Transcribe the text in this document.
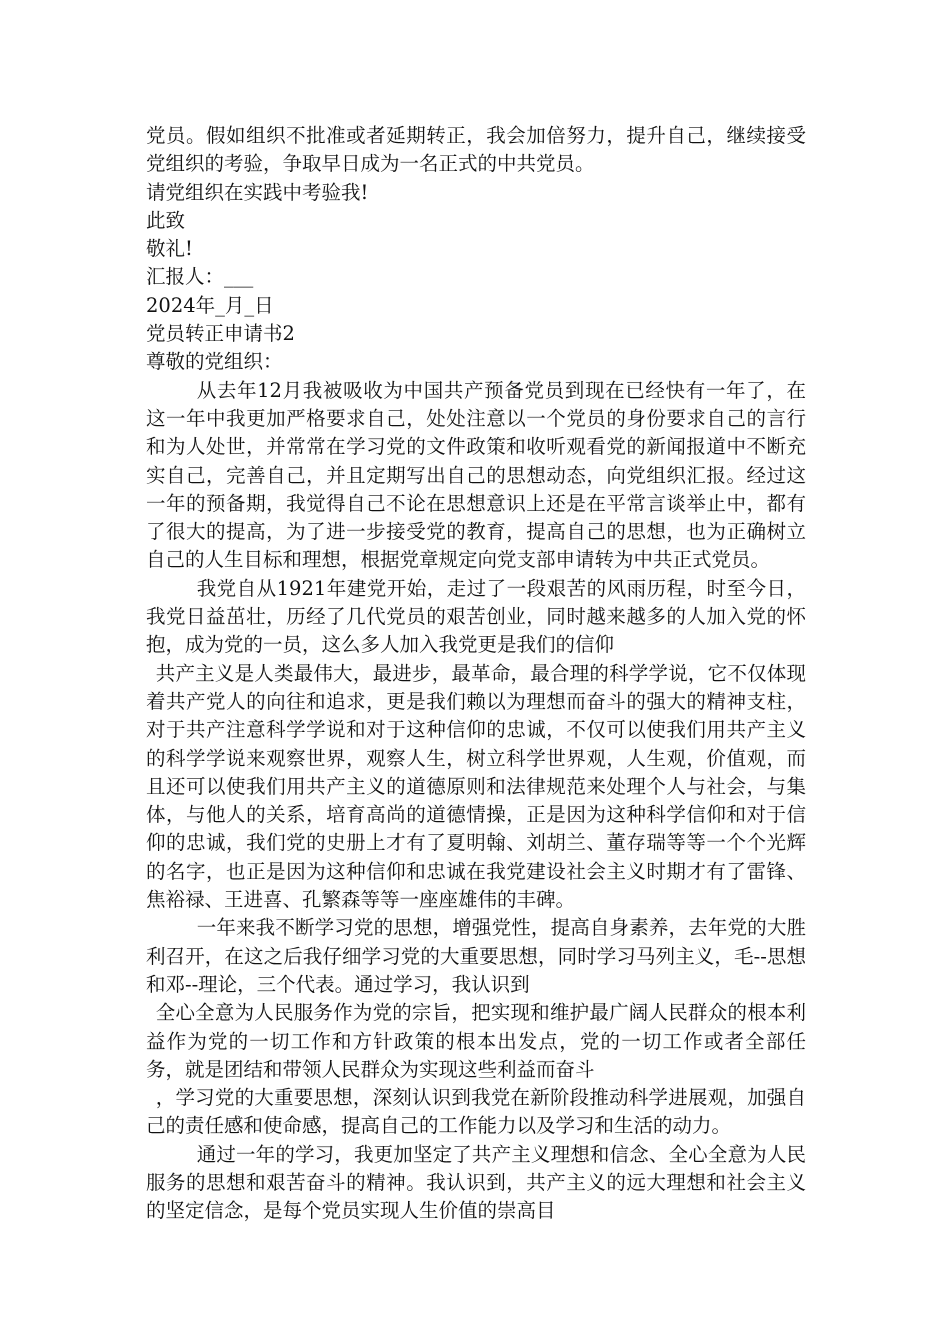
党员。假如组织不批准或者延期转正，我会加倍努力，提升自己，继续接受党组织的考验，争取早日成为一名正式的中共党员。

请党组织在实践中考验我!
此致
敬礼!
汇报人：___
2024年_月_日
党员转正申请书2
尊敬的党组织：

从去年12月我被吸收为中国共产预备党员到现在已经快有一年了，在这一年中我更加严格要求自己，处处注意以一个党员的身份要求自己的言行和为人处世，并常常在学习党的文件政策和收听观看党的新闻报道中不断充实自己，完善自己，并且定期写出自己的思想动态，向党组织汇报。经过这一年的预备期，我觉得自己不论在思想意识上还是在平常言谈举止中，都有了很大的提高，为了进一步接受党的教育，提高自己的思想，也为正确树立自己的人生目标和理想，根据党章规定向党支部申请转为中共正式党员。

我党自从1921年建党开始，走过了一段艰苦的风雨历程，时至今日，我党日益茁壮，历经了几代党员的艰苦创业，同时越来越多的人加入党的怀抱，成为党的一员，这么多人加入我党更是我们的信仰

共产主义是人类最伟大，最进步，最革命，最合理的科学学说，它不仅体现着共产党人的向往和追求，更是我们赖以为理想而奋斗的强大的精神支柱，对于共产注意科学学说和对于这种信仰的忠诚，不仅可以使我们用共产主义的科学学说来观察世界，观察人生，树立科学世界观，人生观，价值观，而且还可以使我们用共产主义的道德原则和法律规范来处理个人与社会，与集体，与他人的关系，培育高尚的道德情操，正是因为这种科学信仰和对于信仰的忠诚，我们党的史册上才有了夏明翰、刘胡兰、董存瑞等等一个个光辉的名字，也正是因为这种信仰和忠诚在我党建设社会主义时期才有了雷锋、焦裕禄、王进喜、孔繁森等等一座座雄伟的丰碑。

一年来我不断学习党的思想，增强党性，提高自身素养，去年党的大胜利召开，在这之后我仔细学习党的大重要思想，同时学习马列主义，毛--思想和邓--理论，三个代表。通过学习，我认识到

全心全意为人民服务作为党的宗旨，把实现和维护最广阔人民群众的根本利益作为党的一切工作和方针政策的根本出发点，党的一切工作或者全部任务，就是团结和带领人民群众为实现这些利益而奋斗

，学习党的大重要思想，深刻认识到我党在新阶段推动科学进展观，加强自己的责任感和使命感，提高自己的工作能力以及学习和生活的动力。

通过一年的学习，我更加坚定了共产主义理想和信念、全心全意为人民服务的思想和艰苦奋斗的精神。我认识到，共产主义的远大理想和社会主义的坚定信念，是每个党员实现人生价值的崇高目
